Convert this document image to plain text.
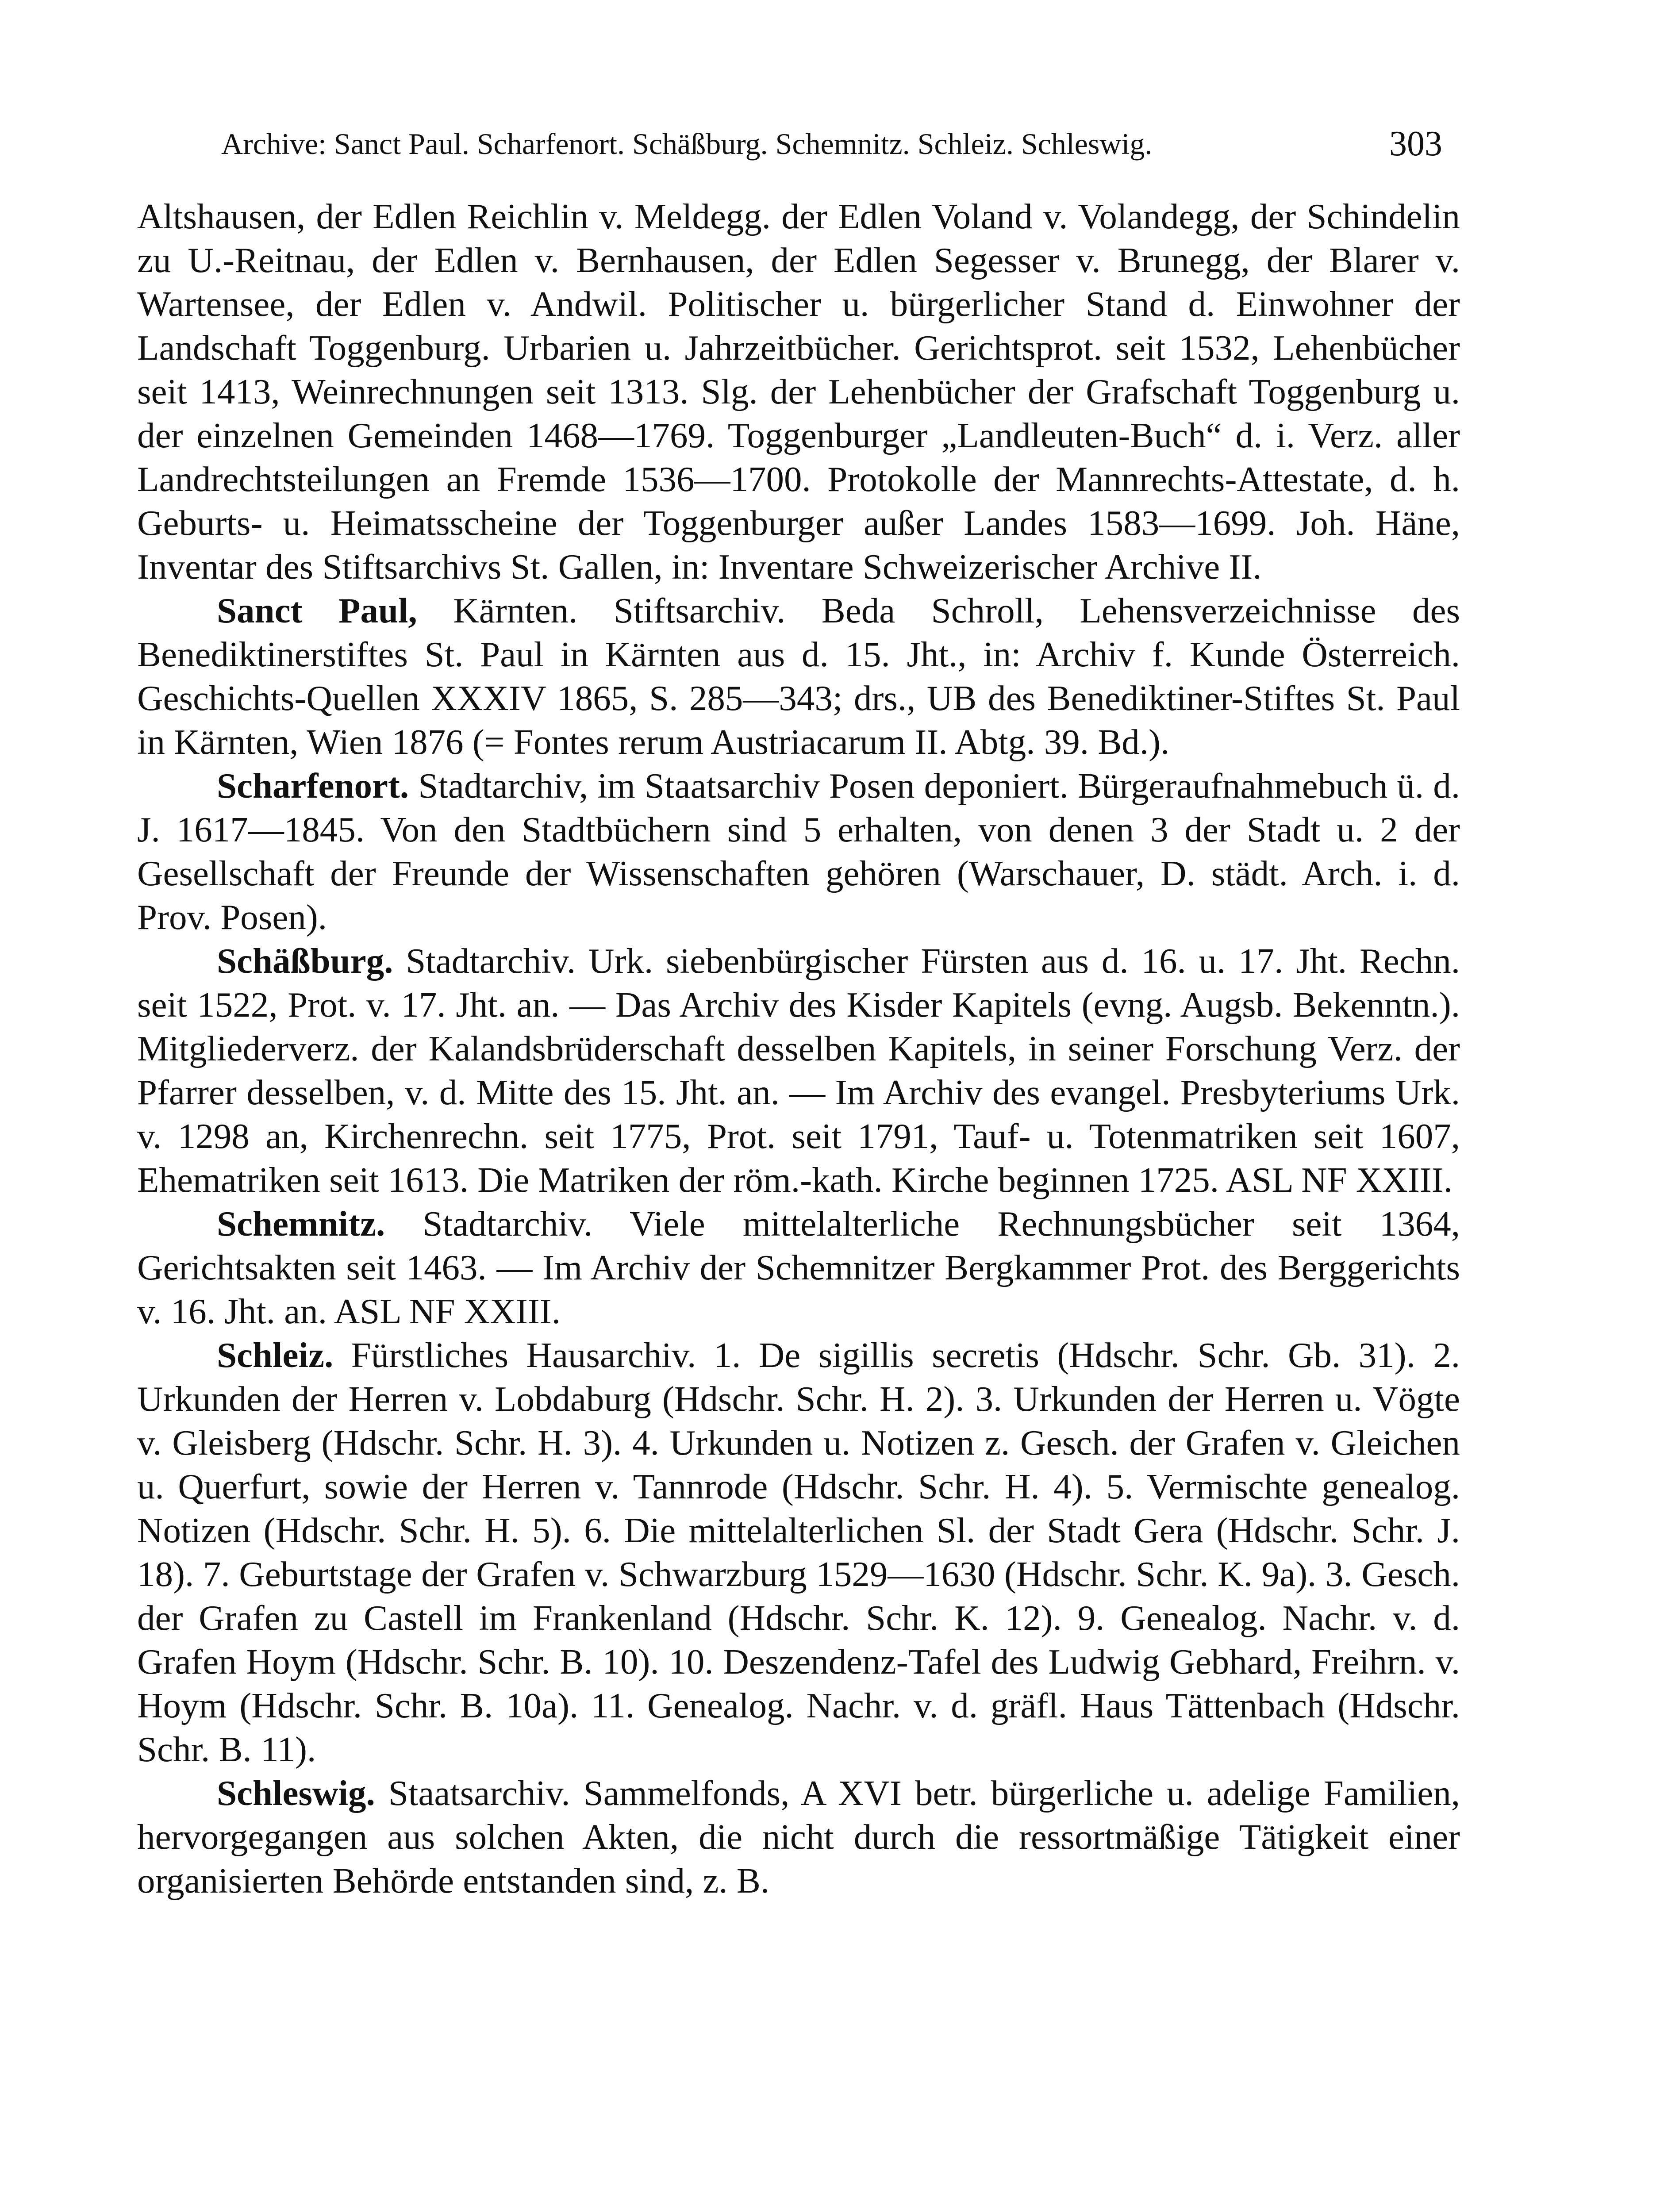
Archive: Sanct Paul. Scharfenort. Schäßburg. Schemnitz. Schleiz. Schleswig.	303

Altshausen, der Edlen Reichlin v. Meldegg. der Edlen Voland v. Volandegg, der Schindelin zu U.-Reitnau, der Edlen v. Bernhausen, der Edlen Segesser v. Brunegg, der Blarer v. Wartensee, der Edlen v. Andwil. Politischer u. bürgerlicher Stand d. Einwohner der Landschaft Toggenburg. Urbarien u. Jahrzeitbücher. Gerichtsprot. seit 1532, Lehenbücher seit 1413, Weinrechnungen seit 1313. Slg. der Lehenbücher der Grafschaft Toggenburg u. der einzelnen Gemeinden 1468—1769. Toggenburger „Landleuten-Buch“ d. i. Verz. aller Landrechtsteilungen an Fremde 1536—1700. Protokolle der Mannrechts-Attestate, d. h. Geburts- u. Heimatsscheine der Toggenburger außer Landes 1583—1699. Joh. Häne, Inventar des Stiftsarchivs St. Gallen, in: Inventare Schweizerischer Archive II.

Sanct Paul, Kärnten. Stiftsarchiv. Beda Schroll, Lehensverzeichnisse des Benediktinerstiftes St. Paul in Kärnten aus d. 15. Jht., in: Archiv f. Kunde Österreich. Geschichts-Quellen XXXIV 1865, S. 285—343; drs., UB des Benediktiner-Stiftes St. Paul in Kärnten, Wien 1876 (= Fontes rerum Austriacarum II. Abtg. 39. Bd.).

Scharfenort. Stadtarchiv, im Staatsarchiv Posen deponiert. Bürgeraufnahmebuch ü. d. J. 1617—1845. Von den Stadtbüchern sind 5 erhalten, von denen 3 der Stadt u. 2 der Gesellschaft der Freunde der Wissenschaften gehören (Warschauer, D. städt. Arch. i. d. Prov. Posen).

Schäßburg. Stadtarchiv. Urk. siebenbürgischer Fürsten aus d. 16. u. 17. Jht. Rechn. seit 1522, Prot. v. 17. Jht. an. — Das Archiv des Kisder Kapitels (evng. Augsb. Bekenntn.). Mitgliederverz. der Kalandsbrüderschaft desselben Kapitels, in seiner Forschung Verz. der Pfarrer desselben, v. d. Mitte des 15. Jht. an. — Im Archiv des evangel. Presbyteriums Urk. v. 1298 an, Kirchenrechn. seit 1775, Prot. seit 1791, Tauf- u. Totenmatriken seit 1607, Ehematriken seit 1613. Die Matriken der röm.-kath. Kirche beginnen 1725. ASL NF XXIII.

Schemnitz. Stadtarchiv. Viele mittelalterliche Rechnungsbücher seit 1364, Gerichtsakten seit 1463. — Im Archiv der Schemnitzer Bergkammer Prot. des Berggerichts v. 16. Jht. an. ASL NF XXIII.

Schleiz. Fürstliches Hausarchiv. 1. De sigillis secretis (Hdschr. Schr. Gb. 31). 2. Urkunden der Herren v. Lobdaburg (Hdschr. Schr. H. 2). 3. Urkunden der Herren u. Vögte v. Gleisberg (Hdschr. Schr. H. 3). 4. Urkunden u. Notizen z. Gesch. der Grafen v. Gleichen u. Querfurt, sowie der Herren v. Tannrode (Hdschr. Schr. H. 4). 5. Vermischte genealog. Notizen (Hdschr. Schr. H. 5). 6. Die mittelalterlichen Sl. der Stadt Gera (Hdschr. Schr. J. 18). 7. Geburtstage der Grafen v. Schwarzburg 1529—1630 (Hdschr. Schr. K. 9a). 3. Gesch. der Grafen zu Castell im Frankenland (Hdschr. Schr. K. 12). 9. Genealog. Nachr. v. d. Grafen Hoym (Hdschr. Schr. B. 10). 10. Deszendenz-Tafel des Ludwig Gebhard, Freihrn. v. Hoym (Hdschr. Schr. B. 10a). 11. Genealog. Nachr. v. d. gräfl. Haus Tättenbach (Hdschr. Schr. B. 11).

Schleswig. Staatsarchiv. Sammelfonds, A XVI betr. bürgerliche u. adelige Familien, hervorgegangen aus solchen Akten, die nicht durch die ressortmäßige Tätigkeit einer organisierten Behörde entstanden sind, z. B.
